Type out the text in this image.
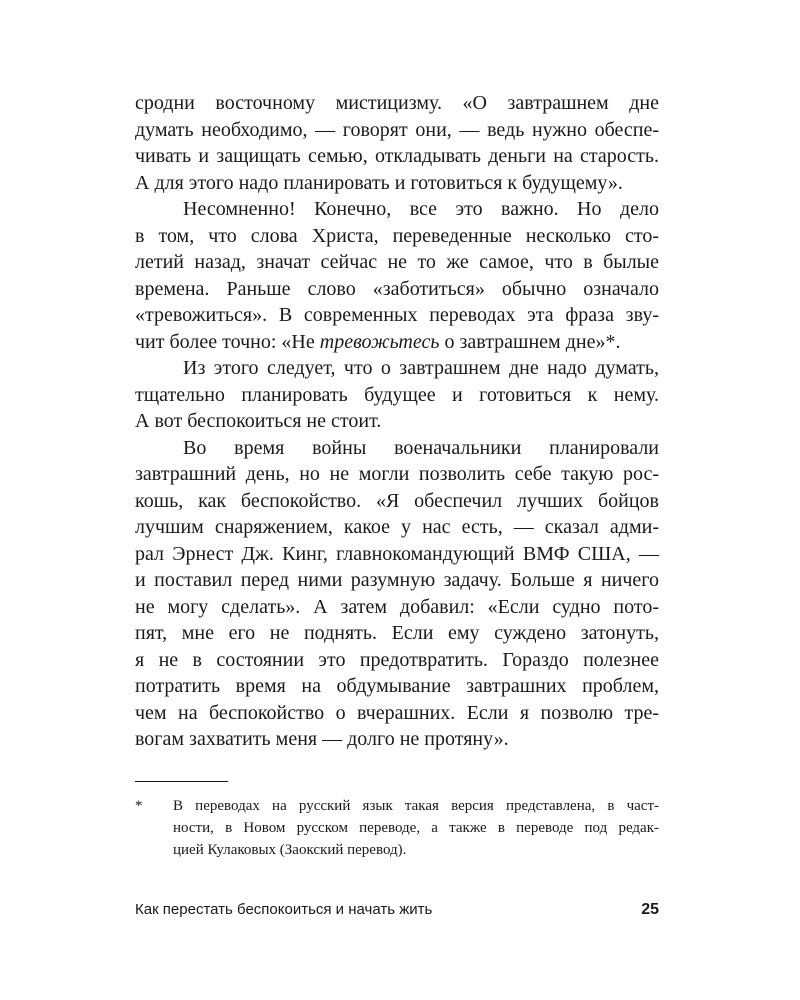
сродни восточному мистицизму. «О завтрашнем дне
думать необходимо, — говорят они, — ведь нужно обеспе-
чивать и защищать семью, откладывать деньги на старость.
А для этого надо планировать и готовиться к будущему».
Несомненно! Конечно, все это важно. Но дело
в том, что слова Христа, переведенные несколько сто-
летий назад, значат сейчас не то же самое, что в былые
времена. Раньше слово «заботиться» обычно означало
«тревожиться». В современных переводах эта фраза зву-
чит более точно: «Не тревожьтесь о завтрашнем дне»*.
Из этого следует, что о завтрашнем дне надо думать,
тщательно планировать будущее и готовиться к нему.
А вот беспокоиться не стоит.
Во время войны военачальники планировали
завтрашний день, но не могли позволить себе такую рос-
кошь, как беспокойство. «Я обеспечил лучших бойцов
лучшим снаряжением, какое у нас есть, — сказал адми-
рал Эрнест Дж. Кинг, главнокомандующий ВМФ США, —
и поставил перед ними разумную задачу. Больше я ничего
не могу сделать». А затем добавил: «Если судно пото-
пят, мне его не поднять. Если ему суждено затонуть,
я не в состоянии это предотвратить. Гораздо полезнее
потратить время на обдумывание завтрашних проблем,
чем на беспокойство о вчерашних. Если я позволю тре-
вогам захватить меня — долго не протяну».
*	В переводах на русский язык такая версия представлена, в част-
ности, в Новом русском переводе, а также в переводе под редак-
цией Кулаковых (Заокский перевод).
Как перестать беспокоиться и начать жить	25
